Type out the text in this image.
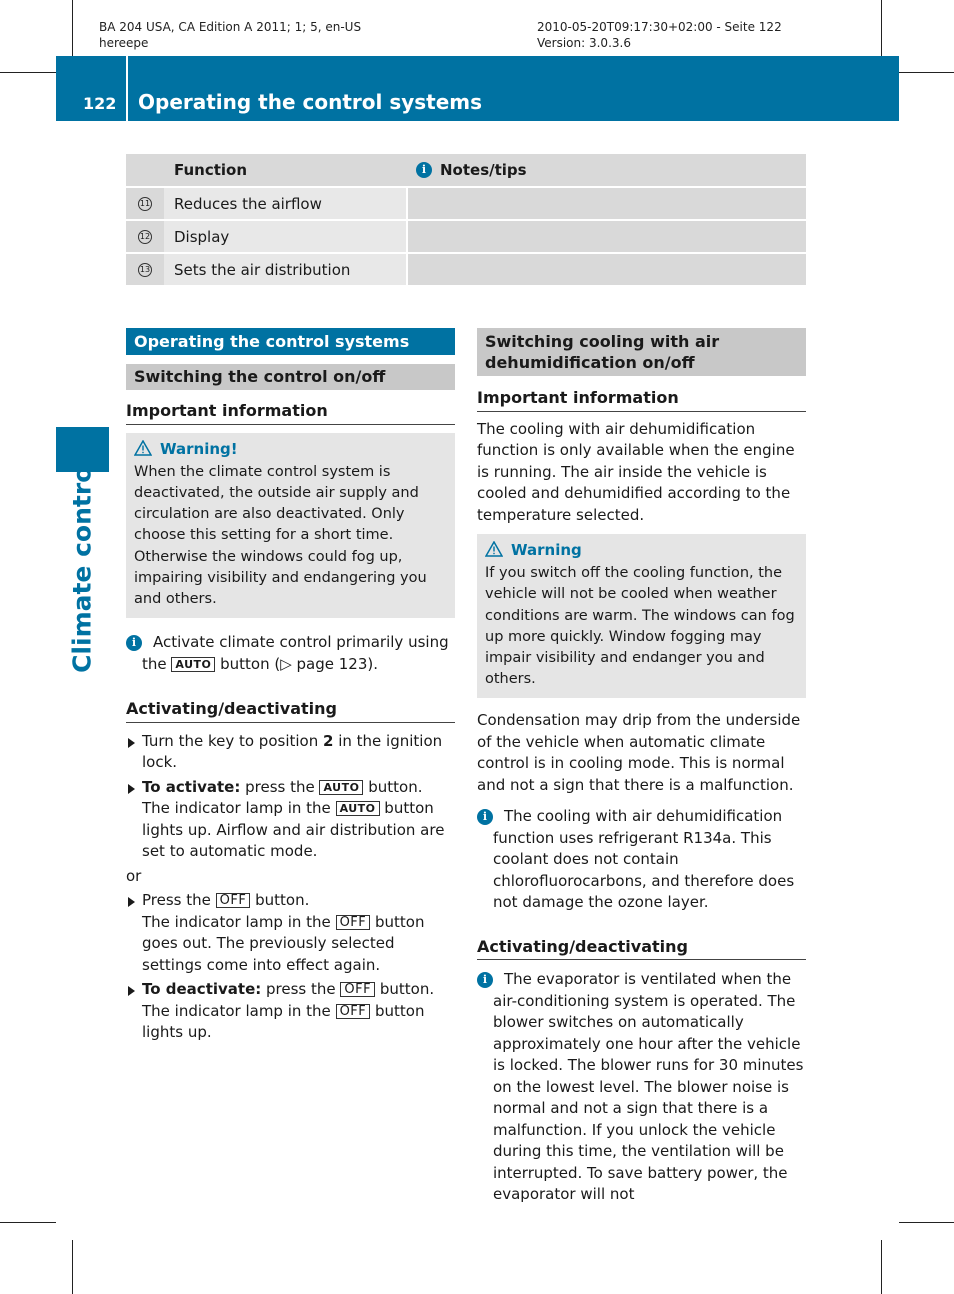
BA 204 USA, CA Edition A 2011; 1; 5, en-US
hereepe
2010-05-20T09:17:30+02:00 - Seite 122
Version: 3.0.3.6
122 Operating the control systems
Climate control
Function	i Notes/tips
11	Reduces the airflow
12	Display
13	Sets the air distribution
Operating the control systems
Switching the control on/off
Important information
Warning!
When the climate control system is deactivated, the outside air supply and circulation are also deactivated. Only choose this setting for a short time. Otherwise the windows could fog up, impairing visibility and endangering you and others.
i	Activate climate control primarily using the AUTO button (▷ page 123).
Activating/deactivating
Turn the key to position 2 in the ignition lock.
To activate: press the AUTO button.
The indicator lamp in the AUTO button lights up. Airflow and air distribution are set to automatic mode.
or
Press the OFF button.
The indicator lamp in the OFF button goes out. The previously selected settings come into effect again.
To deactivate: press the OFF button.
The indicator lamp in the OFF button lights up.
Switching cooling with air dehumidification on/off
Important information
The cooling with air dehumidification function is only available when the engine is running. The air inside the vehicle is cooled and dehumidified according to the temperature selected.
Warning
If you switch off the cooling function, the vehicle will not be cooled when weather conditions are warm. The windows can fog up more quickly. Window fogging may impair visibility and endanger you and others.
Condensation may drip from the underside of the vehicle when automatic climate control is in cooling mode. This is normal and not a sign that there is a malfunction.
i	The cooling with air dehumidification function uses refrigerant R134a. This coolant does not contain chlorofluorocarbons, and therefore does not damage the ozone layer.
Activating/deactivating
i	The evaporator is ventilated when the air-conditioning system is operated. The blower switches on automatically approximately one hour after the vehicle is locked. The blower runs for 30 minutes on the lowest level. The blower noise is normal and not a sign that there is a malfunction. If you unlock the vehicle during this time, the ventilation will be interrupted. To save battery power, the evaporator will not
